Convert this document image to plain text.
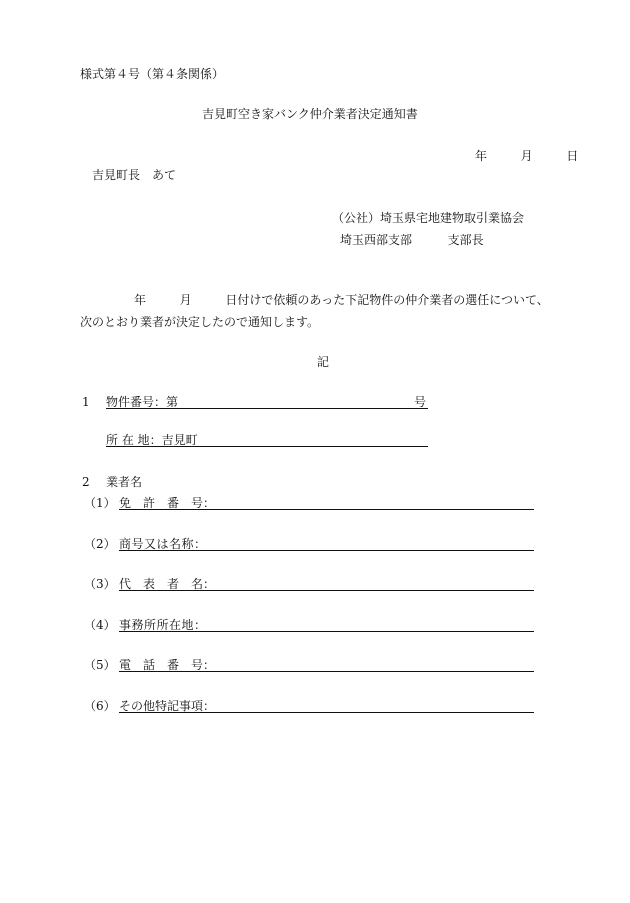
様式第４号（第４条関係）
吉見町空き家バンク仲介業者決定通知書
年	月	日
吉見町長　あて
（公社）埼玉県宅地建物取引業協会
埼玉西部支部	支部長
年	月	日付けで依頼のあった下記物件の仲介業者の選任について、
次のとおり業者が決定したので通知します。
記
1 物件番号：第	号
所 在 地：吉見町
2 業者名
（1） 免　許　番　号：
（2） 商号又は名称：
（3） 代　表　者　名：
（4） 事務所所在地：
（5） 電　話　番　号：
（6） その他特記事項：
